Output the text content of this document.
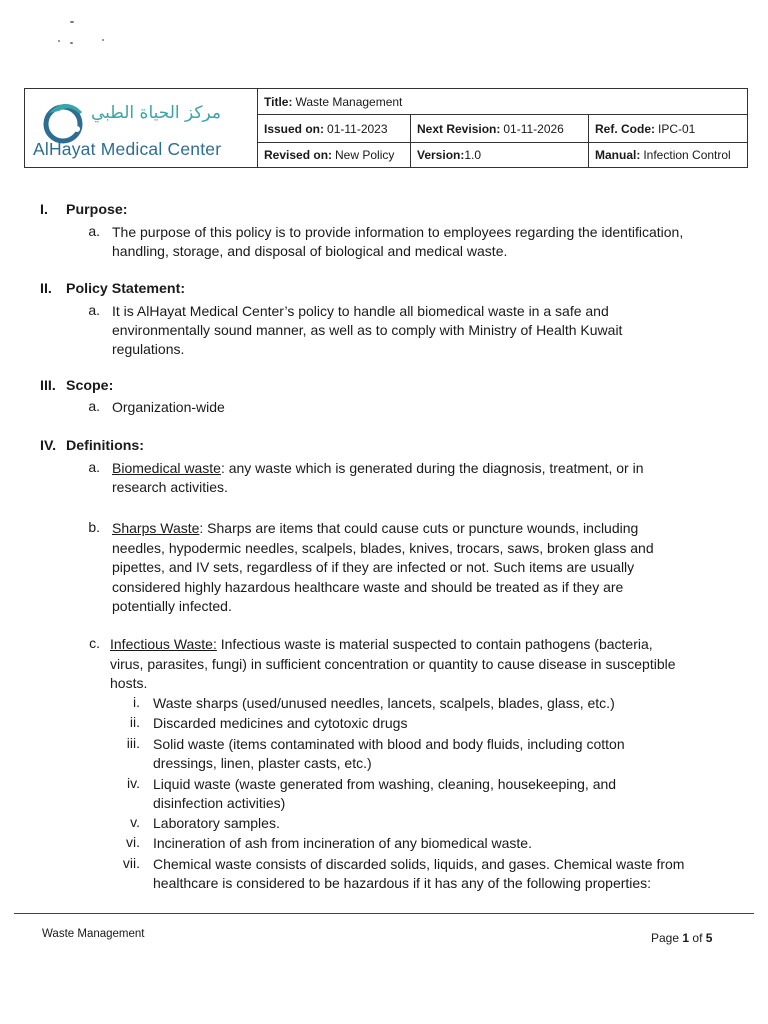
مركز الحياة الطبي
AlHayat Medical Center
Title: Waste Management
Issued on: 01-11-2023 Next Revision: 01-11-2026	Ref. Code: IPC-01
Revised on: New Policy Version: 1.0	Manual: Infection Control
I. Purpose:
a. The purpose of this policy is to provide information to employees regarding the identification,
handling, storage, and disposal of biological and medical waste.
II. Policy Statement:
a. It is AlHayat Medical Center’s policy to handle all biomedical waste in a safe and
environmentally sound manner, as well as to comply with Ministry of Health Kuwait
regulations.
III. Scope:
a. Organization-wide
IV. Definitions:
a. Biomedical waste: any waste which is generated during the diagnosis, treatment, or in
research activities.
b. Sharps Waste: Sharps are items that could cause cuts or puncture wounds, including
needles, hypodermic needles, scalpels, blades, knives, trocars, saws, broken glass and
pipettes, and IV sets, regardless of if they are infected or not. Such items are usually
considered highly hazardous healthcare waste and should be treated as if they are
potentially infected.
c. Infectious Waste: Infectious waste is material suspected to contain pathogens (bacteria,
virus, parasites, fungi) in sufficient concentration or quantity to cause disease in susceptible
hosts.
i. Waste sharps (used/unused needles, lancets, scalpels, blades, glass, etc.)
ii. Discarded medicines and cytotoxic drugs
iii. Solid waste (items contaminated with blood and body fluids, including cotton
dressings, linen, plaster casts, etc.)
iv. Liquid waste (waste generated from washing, cleaning, housekeeping, and
disinfection activities)
v. Laboratory samples.
vi. Incineration of ash from incineration of any biomedical waste.
vii. Chemical waste consists of discarded solids, liquids, and gases. Chemical waste from
healthcare is considered to be hazardous if it has any of the following properties:
Waste Management	Page 1 of 5
